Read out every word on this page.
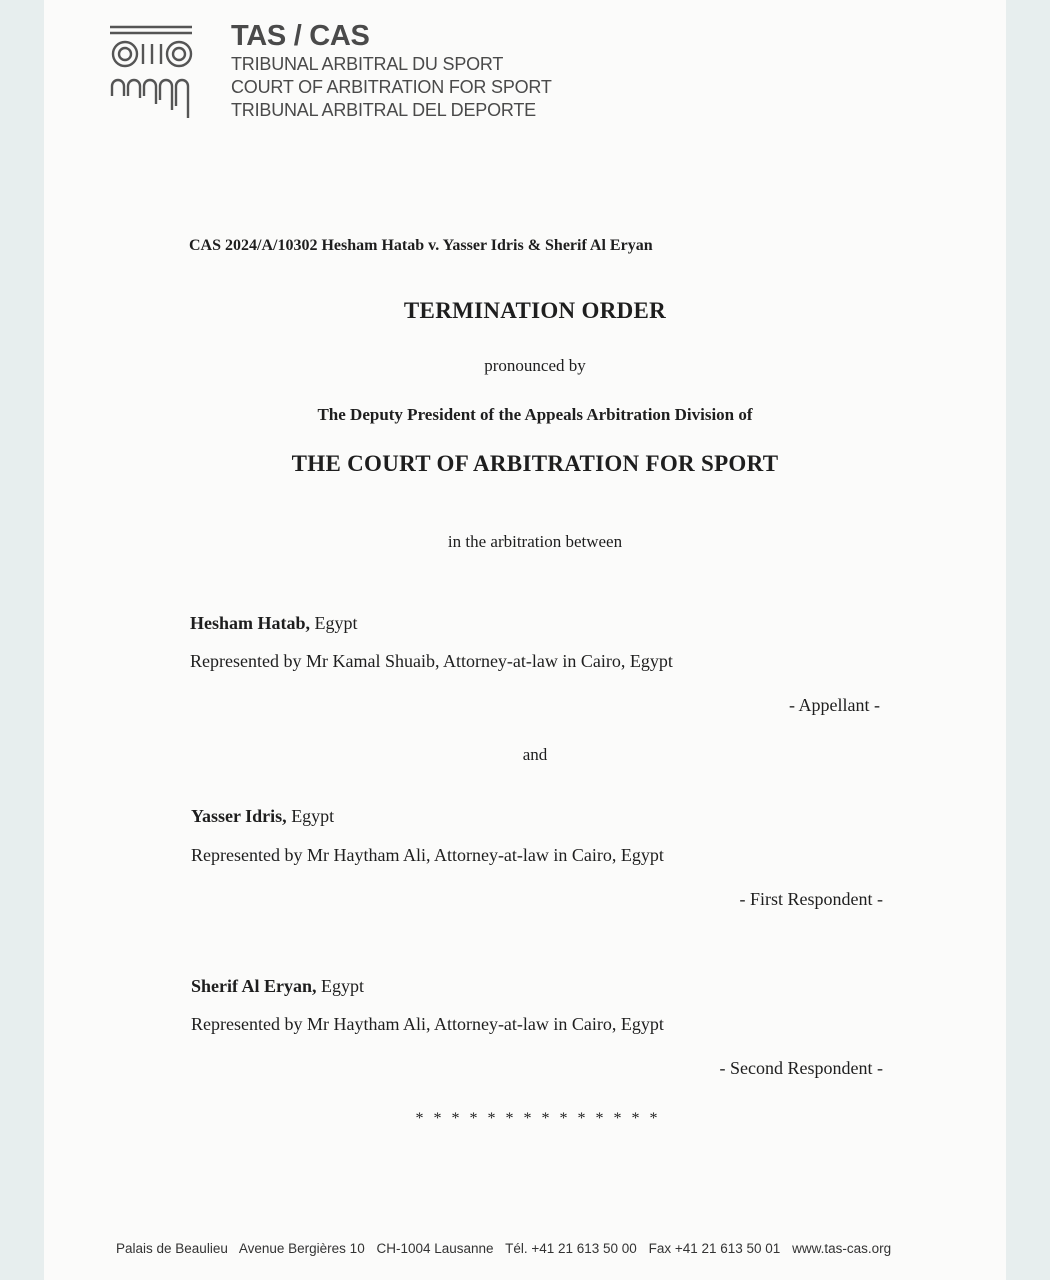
TAS / CAS
TRIBUNAL ARBITRAL DU SPORT
COURT OF ARBITRATION FOR SPORT
TRIBUNAL ARBITRAL DEL DEPORTE
CAS 2024/A/10302 Hesham Hatab v. Yasser Idris & Sherif Al Eryan
TERMINATION ORDER
pronounced by
The Deputy President of the Appeals Arbitration Division of
THE COURT OF ARBITRATION FOR SPORT
in the arbitration between
Hesham Hatab, Egypt
Represented by Mr Kamal Shuaib, Attorney-at-law in Cairo, Egypt
- Appellant -
and
Yasser Idris, Egypt
Represented by Mr Haytham Ali, Attorney-at-law in Cairo, Egypt
- First Respondent -
Sherif Al Eryan, Egypt
Represented by Mr Haytham Ali, Attorney-at-law in Cairo, Egypt
- Second Respondent -
* * * * * * * * * * * * * *
Palais de Beaulieu Avenue Bergières 10 CH-1004 Lausanne Tél. +41 21 613 50 00 Fax +41 21 613 50 01 www.tas-cas.org
